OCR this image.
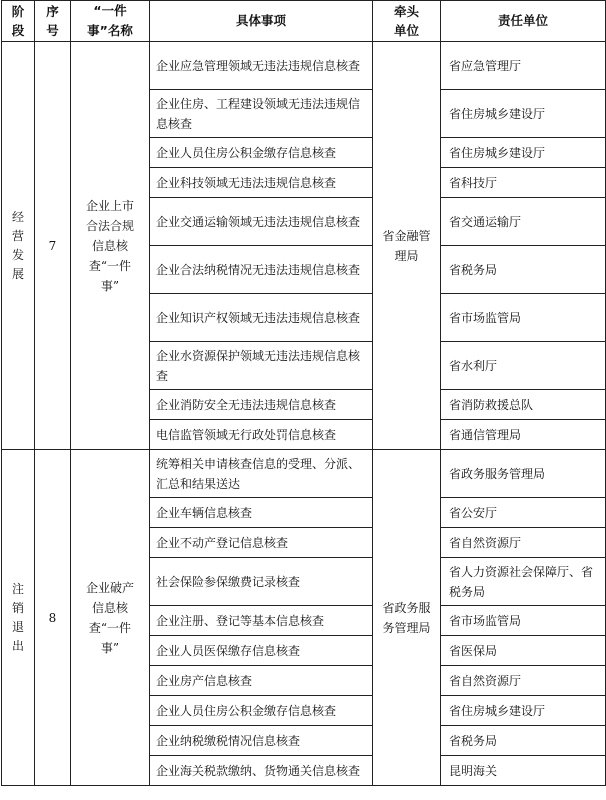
阶段	序号	“一件事”名称	具体事项	牵头单位	责任单位
经营发展	7	企业上市合法合规信息核查“一件事”	企业应急管理领域无违法违规信息核查	省金融管理局	省应急管理厅
			企业住房、工程建设领域无违法违规信息核查		省住房城乡建设厅
			企业人员住房公积金缴存信息核查		省住房城乡建设厅
			企业科技领域无违法违规信息核查		省科技厅
			企业交通运输领域无违法违规信息核查		省交通运输厅
			企业合法纳税情况无违法违规信息核查		省税务局
			企业知识产权领域无违法违规信息核查		省市场监管局
			企业水资源保护领域无违法违规信息核查		省水利厅
			企业消防安全无违法违规信息核查		省消防救援总队
			电信监管领域无行政处罚信息核查		省通信管理局
注销退出	8	企业破产信息核查“一件事”	统筹相关申请核查信息的受理、分派、汇总和结果送达	省政务服务管理局	省政务服务管理局
			企业车辆信息核查		省公安厅
			企业不动产登记信息核查		省自然资源厅
			社会保险参保缴费记录核查		省人力资源社会保障厅、省税务局
			企业注册、登记等基本信息核查		省市场监管局
			企业人员医保缴存信息核查		省医保局
			企业房产信息核查		省自然资源厅
			企业人员住房公积金缴存信息核查		省住房城乡建设厅
			企业纳税缴税情况信息核查		省税务局
			企业海关税款缴纳、货物通关信息核查		昆明海关
